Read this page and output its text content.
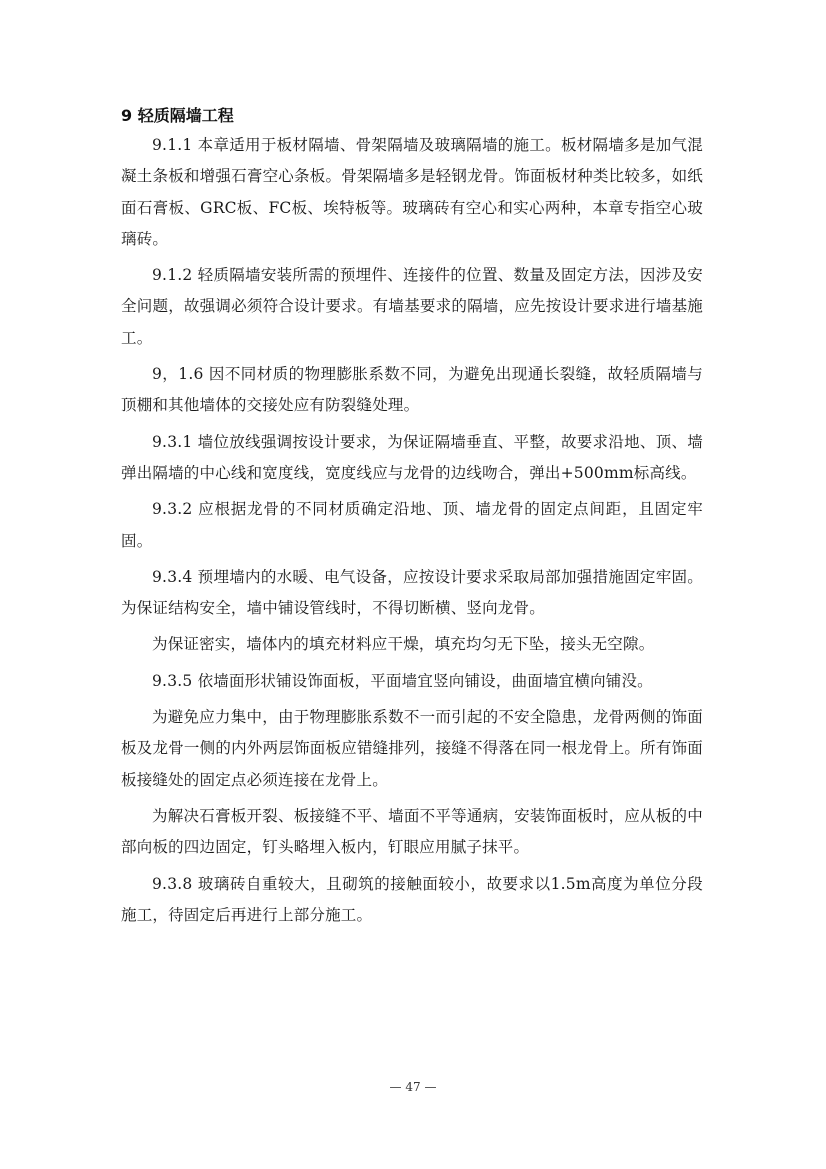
9 轻质隔墙工程

9.1.1 本章适用于板材隔墙、骨架隔墙及玻璃隔墙的施工。板材隔墙多是加气混凝土条板和增强石膏空心条板。骨架隔墙多是轻钢龙骨。饰面板材种类比较多，如纸面石膏板、GRC板、FC板、埃特板等。玻璃砖有空心和实心两种，本章专指空心玻璃砖。

9.1.2 轻质隔墙安装所需的预埋件、连接件的位置、数量及固定方法，因涉及安全问题，故强调必须符合设计要求。有墙基要求的隔墙，应先按设计要求进行墙基施工。

9，1.6 因不同材质的物理膨胀系数不同，为避免出现通长裂缝，故轻质隔墙与顶棚和其他墙体的交接处应有防裂缝处理。

9.3.1 墙位放线强调按设计要求，为保证隔墙垂直、平整，故要求沿地、顶、墙弹出隔墙的中心线和宽度线，宽度线应与龙骨的边线吻合，弹出+500mm标高线。

9.3.2 应根据龙骨的不同材质确定沿地、顶、墙龙骨的固定点间距，且固定牢固。

9.3.4 预埋墙内的水暖、电气设备，应按设计要求采取局部加强措施固定牢固。为保证结构安全，墙中铺设管线时，不得切断横、竖向龙骨。

为保证密实，墙体内的填充材料应干燥，填充均匀无下坠，接头无空隙。

9.3.5 依墙面形状铺设饰面板，平面墙宜竖向铺设，曲面墙宜横向铺没。

为避免应力集中，由于物理膨胀系数不一而引起的不安全隐患，龙骨两侧的饰面板及龙骨一侧的内外两层饰面板应错缝排列，接缝不得落在同一根龙骨上。所有饰面板接缝处的固定点必须连接在龙骨上。

为解决石膏板开裂、板接缝不平、墙面不平等通病，安装饰面板时，应从板的中部向板的四边固定，钉头略埋入板内，钉眼应用腻子抹平。

9.3.8 玻璃砖自重较大，且砌筑的接触面较小，故要求以1.5m高度为单位分段施工，待固定后再进行上部分施工。

— 47 —
